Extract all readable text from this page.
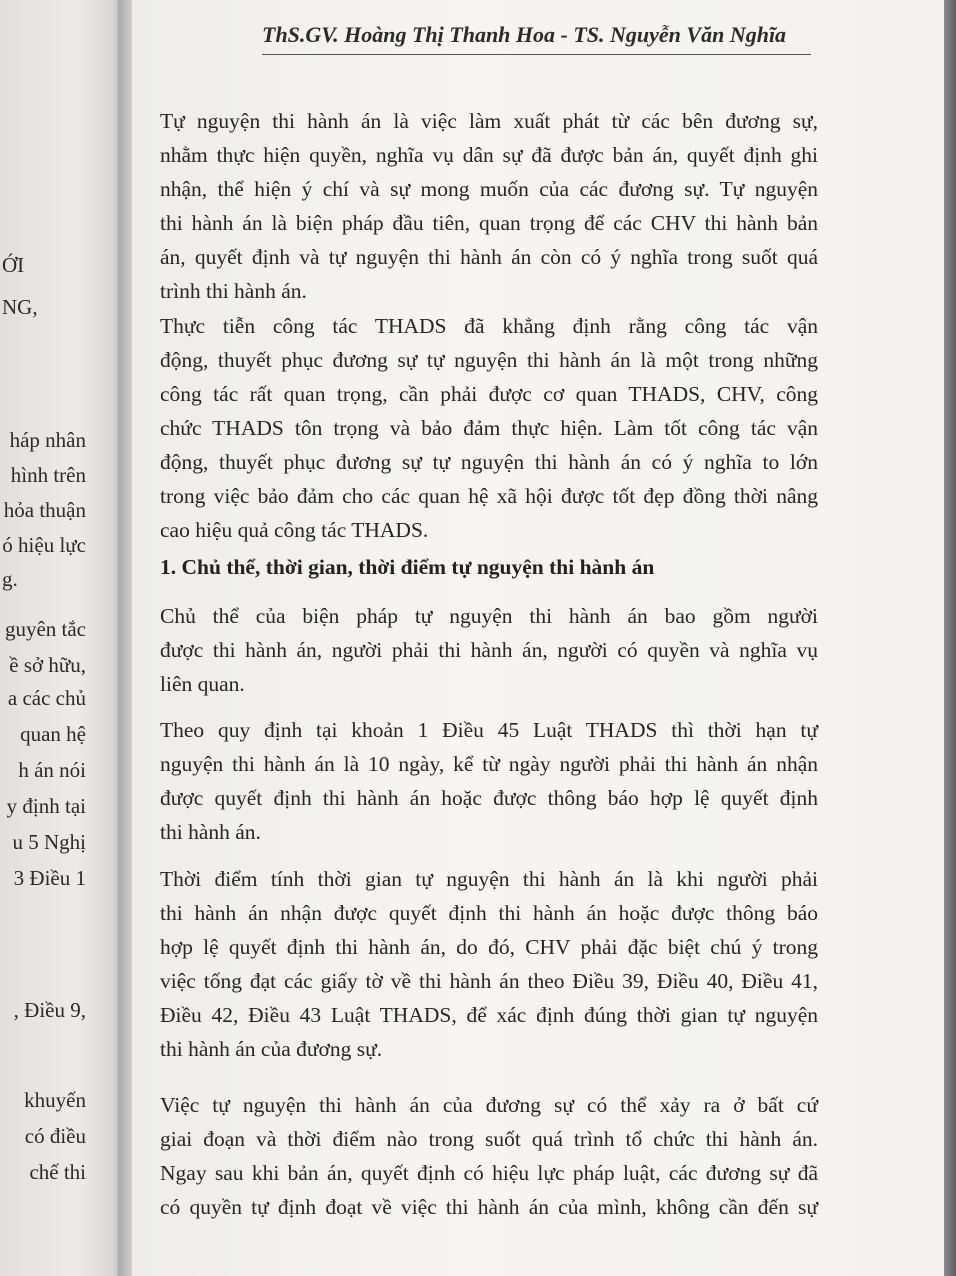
ỚI
NG,
háp nhân
hình trên
hỏa thuận
ó hiệu lực
g.
guyên tắc
ề sở hữu,
a các chủ
quan hệ
h án nói
y định tại
u 5 Nghị
3 Điều 1
, Điều 9,
khuyến
có điều
chế thi
ThS.GV. Hoàng Thị Thanh Hoa - TS. Nguyễn Văn Nghĩa
Tự nguyện thi hành án là việc làm xuất phát từ các bên đương sự,
nhằm thực hiện quyền, nghĩa vụ dân sự đã được bản án, quyết định ghi
nhận, thể hiện ý chí và sự mong muốn của các đương sự. Tự nguyện
thi hành án là biện pháp đầu tiên, quan trọng để các CHV thi hành bản
án, quyết định và tự nguyện thi hành án còn có ý nghĩa trong suốt quá
trình thi hành án.
Thực tiễn công tác THADS đã khẳng định rằng công tác vận
động, thuyết phục đương sự tự nguyện thi hành án là một trong những
công tác rất quan trọng, cần phải được cơ quan THADS, CHV, công
chức THADS tôn trọng và bảo đảm thực hiện. Làm tốt công tác vận
động, thuyết phục đương sự tự nguyện thi hành án có ý nghĩa to lớn
trong việc bảo đảm cho các quan hệ xã hội được tốt đẹp đồng thời nâng
cao hiệu quả công tác THADS.
1. Chủ thể, thời gian, thời điểm tự nguyện thi hành án
Chủ thể của biện pháp tự nguyện thi hành án bao gồm người
được thi hành án, người phải thi hành án, người có quyền và nghĩa vụ
liên quan.
Theo quy định tại khoản 1 Điều 45 Luật THADS thì thời hạn tự
nguyện thi hành án là 10 ngày, kể từ ngày người phải thi hành án nhận
được quyết định thi hành án hoặc được thông báo hợp lệ quyết định
thi hành án.
Thời điểm tính thời gian tự nguyện thi hành án là khi người phải
thi hành án nhận được quyết định thi hành án hoặc được thông báo
hợp lệ quyết định thi hành án, do đó, CHV phải đặc biệt chú ý trong
việc tống đạt các giấy tờ về thi hành án theo Điều 39, Điều 40, Điều 41,
Điều 42, Điều 43 Luật THADS, để xác định đúng thời gian tự nguyện
thi hành án của đương sự.
Việc tự nguyện thi hành án của đương sự có thể xảy ra ở bất cứ
giai đoạn và thời điểm nào trong suốt quá trình tổ chức thi hành án.
Ngay sau khi bản án, quyết định có hiệu lực pháp luật, các đương sự đã
có quyền tự định đoạt về việc thi hành án của mình, không cần đến sự
